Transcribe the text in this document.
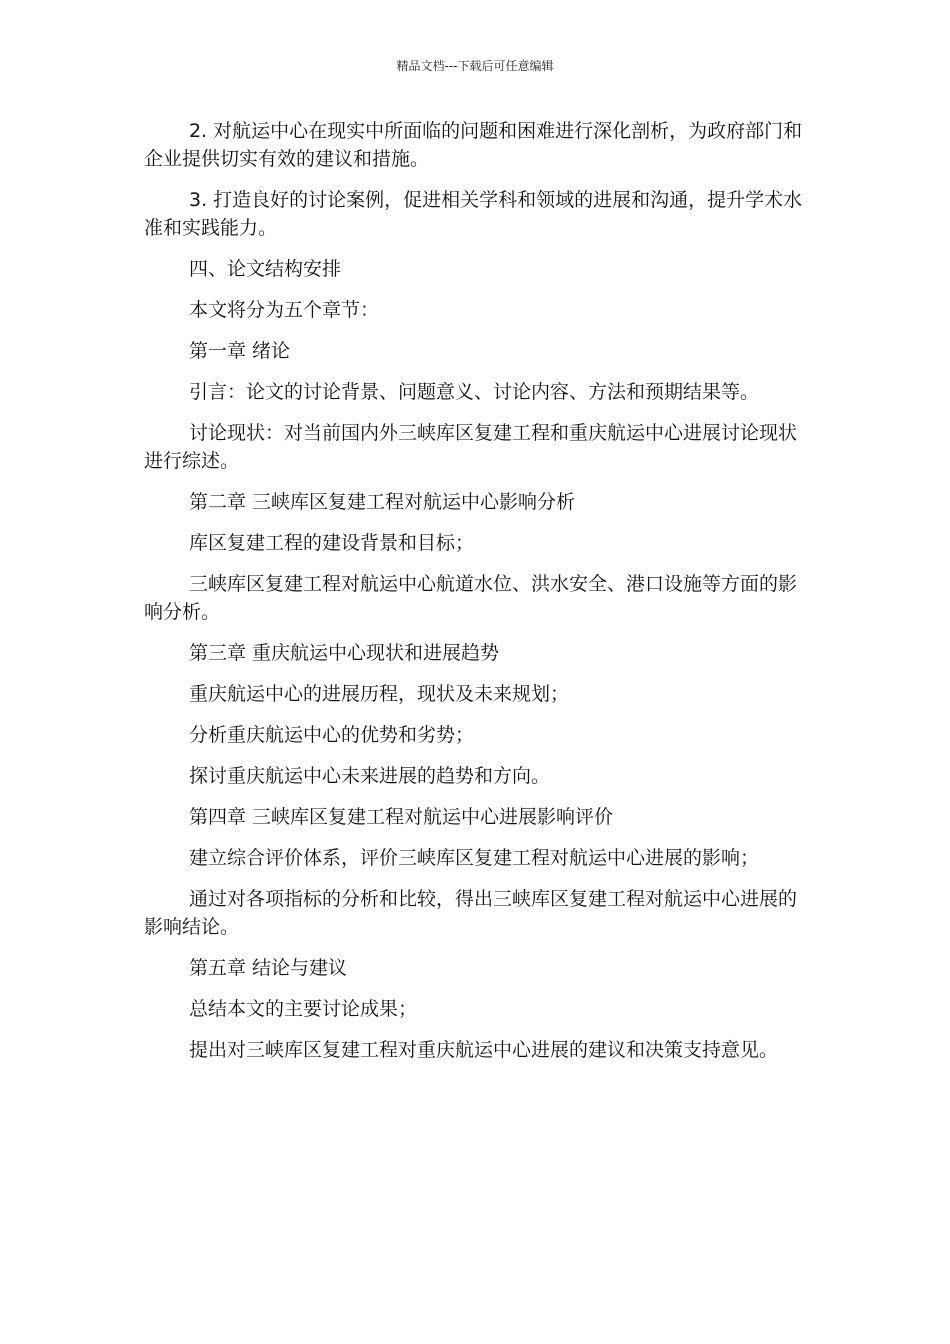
精品文档---下载后可任意编辑

2. 对航运中心在现实中所面临的问题和困难进行深化剖析，为政府部门和企业提供切实有效的建议和措施。

3. 打造良好的讨论案例，促进相关学科和领域的进展和沟通，提升学术水准和实践能力。

四、论文结构安排

本文将分为五个章节：

第一章 绪论

引言：论文的讨论背景、问题意义、讨论内容、方法和预期结果等。

讨论现状：对当前国内外三峡库区复建工程和重庆航运中心进展讨论现状进行综述。

第二章 三峡库区复建工程对航运中心影响分析

库区复建工程的建设背景和目标；

三峡库区复建工程对航运中心航道水位、洪水安全、港口设施等方面的影响分析。

第三章 重庆航运中心现状和进展趋势

重庆航运中心的进展历程，现状及未来规划；

分析重庆航运中心的优势和劣势；

探讨重庆航运中心未来进展的趋势和方向。

第四章 三峡库区复建工程对航运中心进展影响评价

建立综合评价体系，评价三峡库区复建工程对航运中心进展的影响；

通过对各项指标的分析和比较，得出三峡库区复建工程对航运中心进展的影响结论。

第五章 结论与建议

总结本文的主要讨论成果；

提出对三峡库区复建工程对重庆航运中心进展的建议和决策支持意见。
